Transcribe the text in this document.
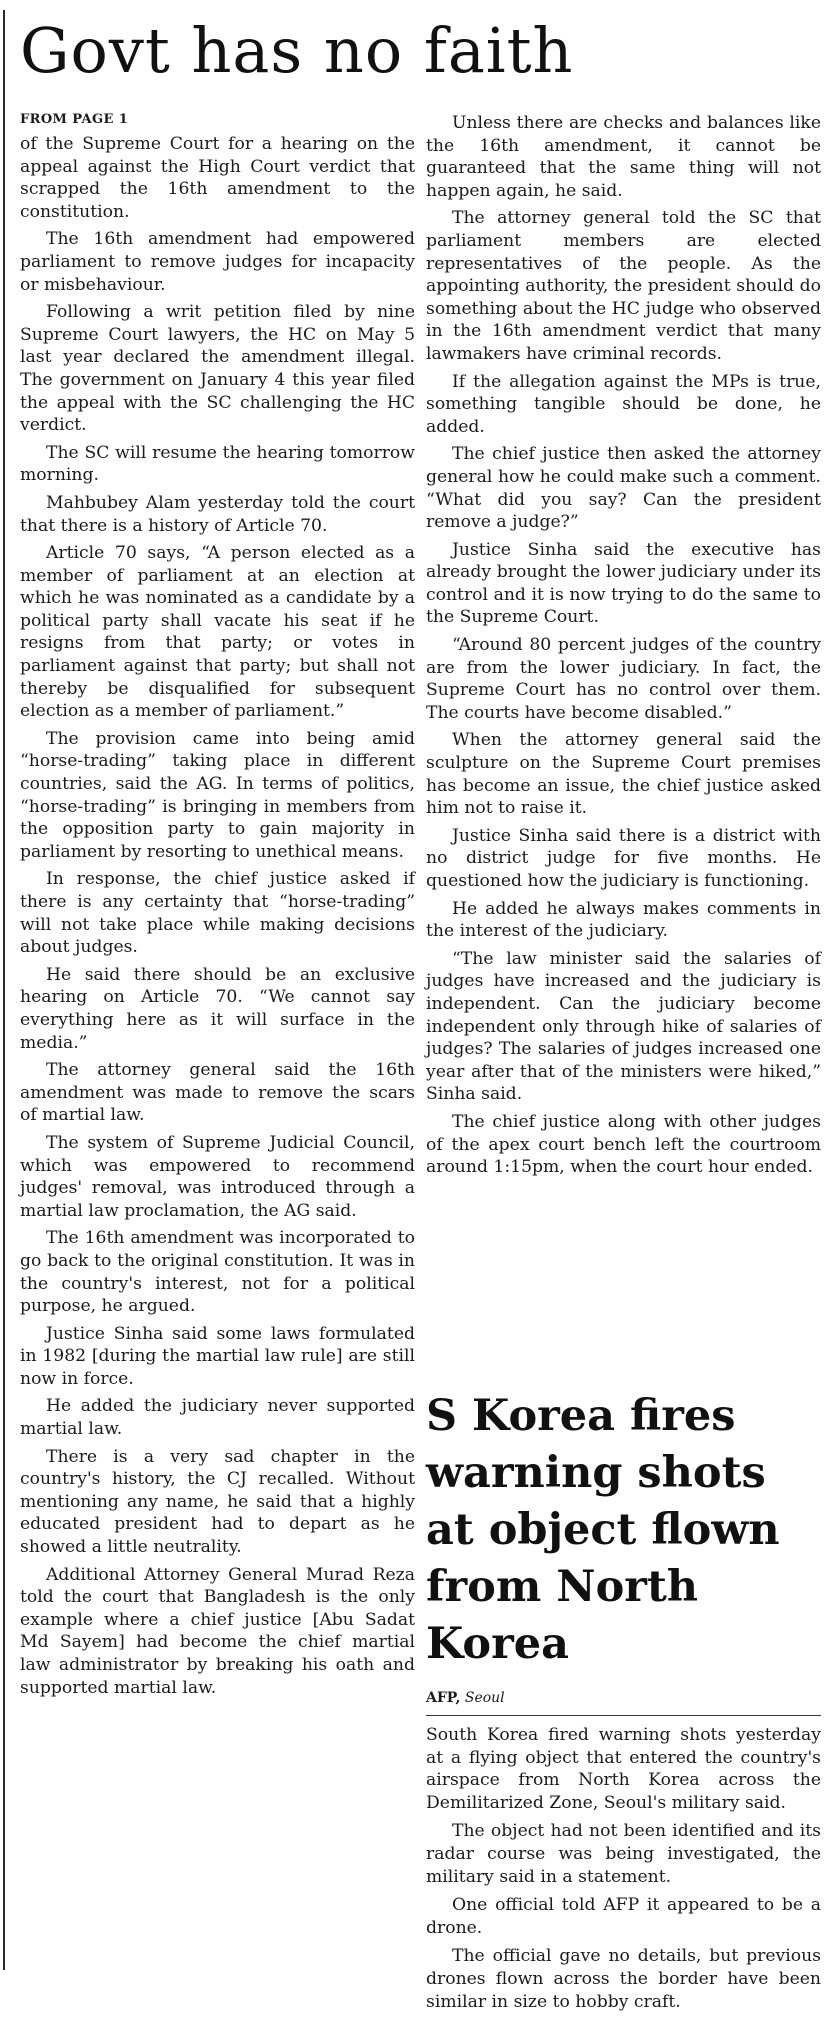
Govt has no faith

FROM PAGE 1

of the Supreme Court for a hearing on the appeal against the High Court verdict that scrapped the 16th amendment to the constitution.

The 16th amendment had empowered parliament to remove judges for incapacity or misbehaviour.

Following a writ petition filed by nine Supreme Court lawyers, the HC on May 5 last year declared the amendment illegal. The government on January 4 this year filed the appeal with the SC challenging the HC verdict.

The SC will resume the hearing tomorrow morning.

Mahbubey Alam yesterday told the court that there is a history of Article 70.

Article 70 says, “A person elected as a member of parliament at an election at which he was nominated as a candidate by a political party shall vacate his seat if he resigns from that party; or votes in parliament against that party; but shall not thereby be disqualified for subsequent election as a member of parliament.”

The provision came into being amid “horse-trading” taking place in different countries, said the AG. In terms of politics, “horse-trading” is bringing in members from the opposition party to gain majority in parliament by resorting to unethical means.

In response, the chief justice asked if there is any certainty that “horse-trading” will not take place while making decisions about judges.

He said there should be an exclusive hearing on Article 70. “We cannot say everything here as it will surface in the media.”

The attorney general said the 16th amendment was made to remove the scars of martial law.

The system of Supreme Judicial Council, which was empowered to recommend judges' removal, was introduced through a martial law proclamation, the AG said.

The 16th amendment was incorporated to go back to the original constitution. It was in the country's interest, not for a political purpose, he argued.

Justice Sinha said some laws formulated in 1982 [during the martial law rule] are still now in force.

He added the judiciary never supported martial law.

There is a very sad chapter in the country's history, the CJ recalled. Without mentioning any name, he said that a highly educated president had to depart as he showed a little neutrality.

Additional Attorney General Murad Reza told the court that Bangladesh is the only example where a chief justice [Abu Sadat Md Sayem] had become the chief martial law administrator by breaking his oath and supported martial law.

Unless there are checks and balances like the 16th amendment, it cannot be guaranteed that the same thing will not happen again, he said.

The attorney general told the SC that parliament members are elected representatives of the people. As the appointing authority, the president should do something about the HC judge who observed in the 16th amendment verdict that many lawmakers have criminal records.

If the allegation against the MPs is true, something tangible should be done, he added.

The chief justice then asked the attorney general how he could make such a comment. “What did you say? Can the president remove a judge?”

Justice Sinha said the executive has already brought the lower judiciary under its control and it is now trying to do the same to the Supreme Court.

“Around 80 percent judges of the country are from the lower judiciary. In fact, the Supreme Court has no control over them. The courts have become disabled.”

When the attorney general said the sculpture on the Supreme Court premises has become an issue, the chief justice asked him not to raise it.

Justice Sinha said there is a district with no district judge for five months. He questioned how the judiciary is functioning.

He added he always makes comments in the interest of the judiciary.

“The law minister said the salaries of judges have increased and the judiciary is independent. Can the judiciary become independent only through hike of salaries of judges? The salaries of judges increased one year after that of the ministers were hiked,” Sinha said.

The chief justice along with other judges of the apex court bench left the courtroom around 1:15pm, when the court hour ended.

S Korea fires warning shots at object flown from North Korea

AFP, Seoul

South Korea fired warning shots yesterday at a flying object that entered the country's airspace from North Korea across the Demilitarized Zone, Seoul's military said.

The object had not been identified and its radar course was being investigated, the military said in a statement.

One official told AFP it appeared to be a drone.

The official gave no details, but previous drones flown across the border have been similar in size to hobby craft.
